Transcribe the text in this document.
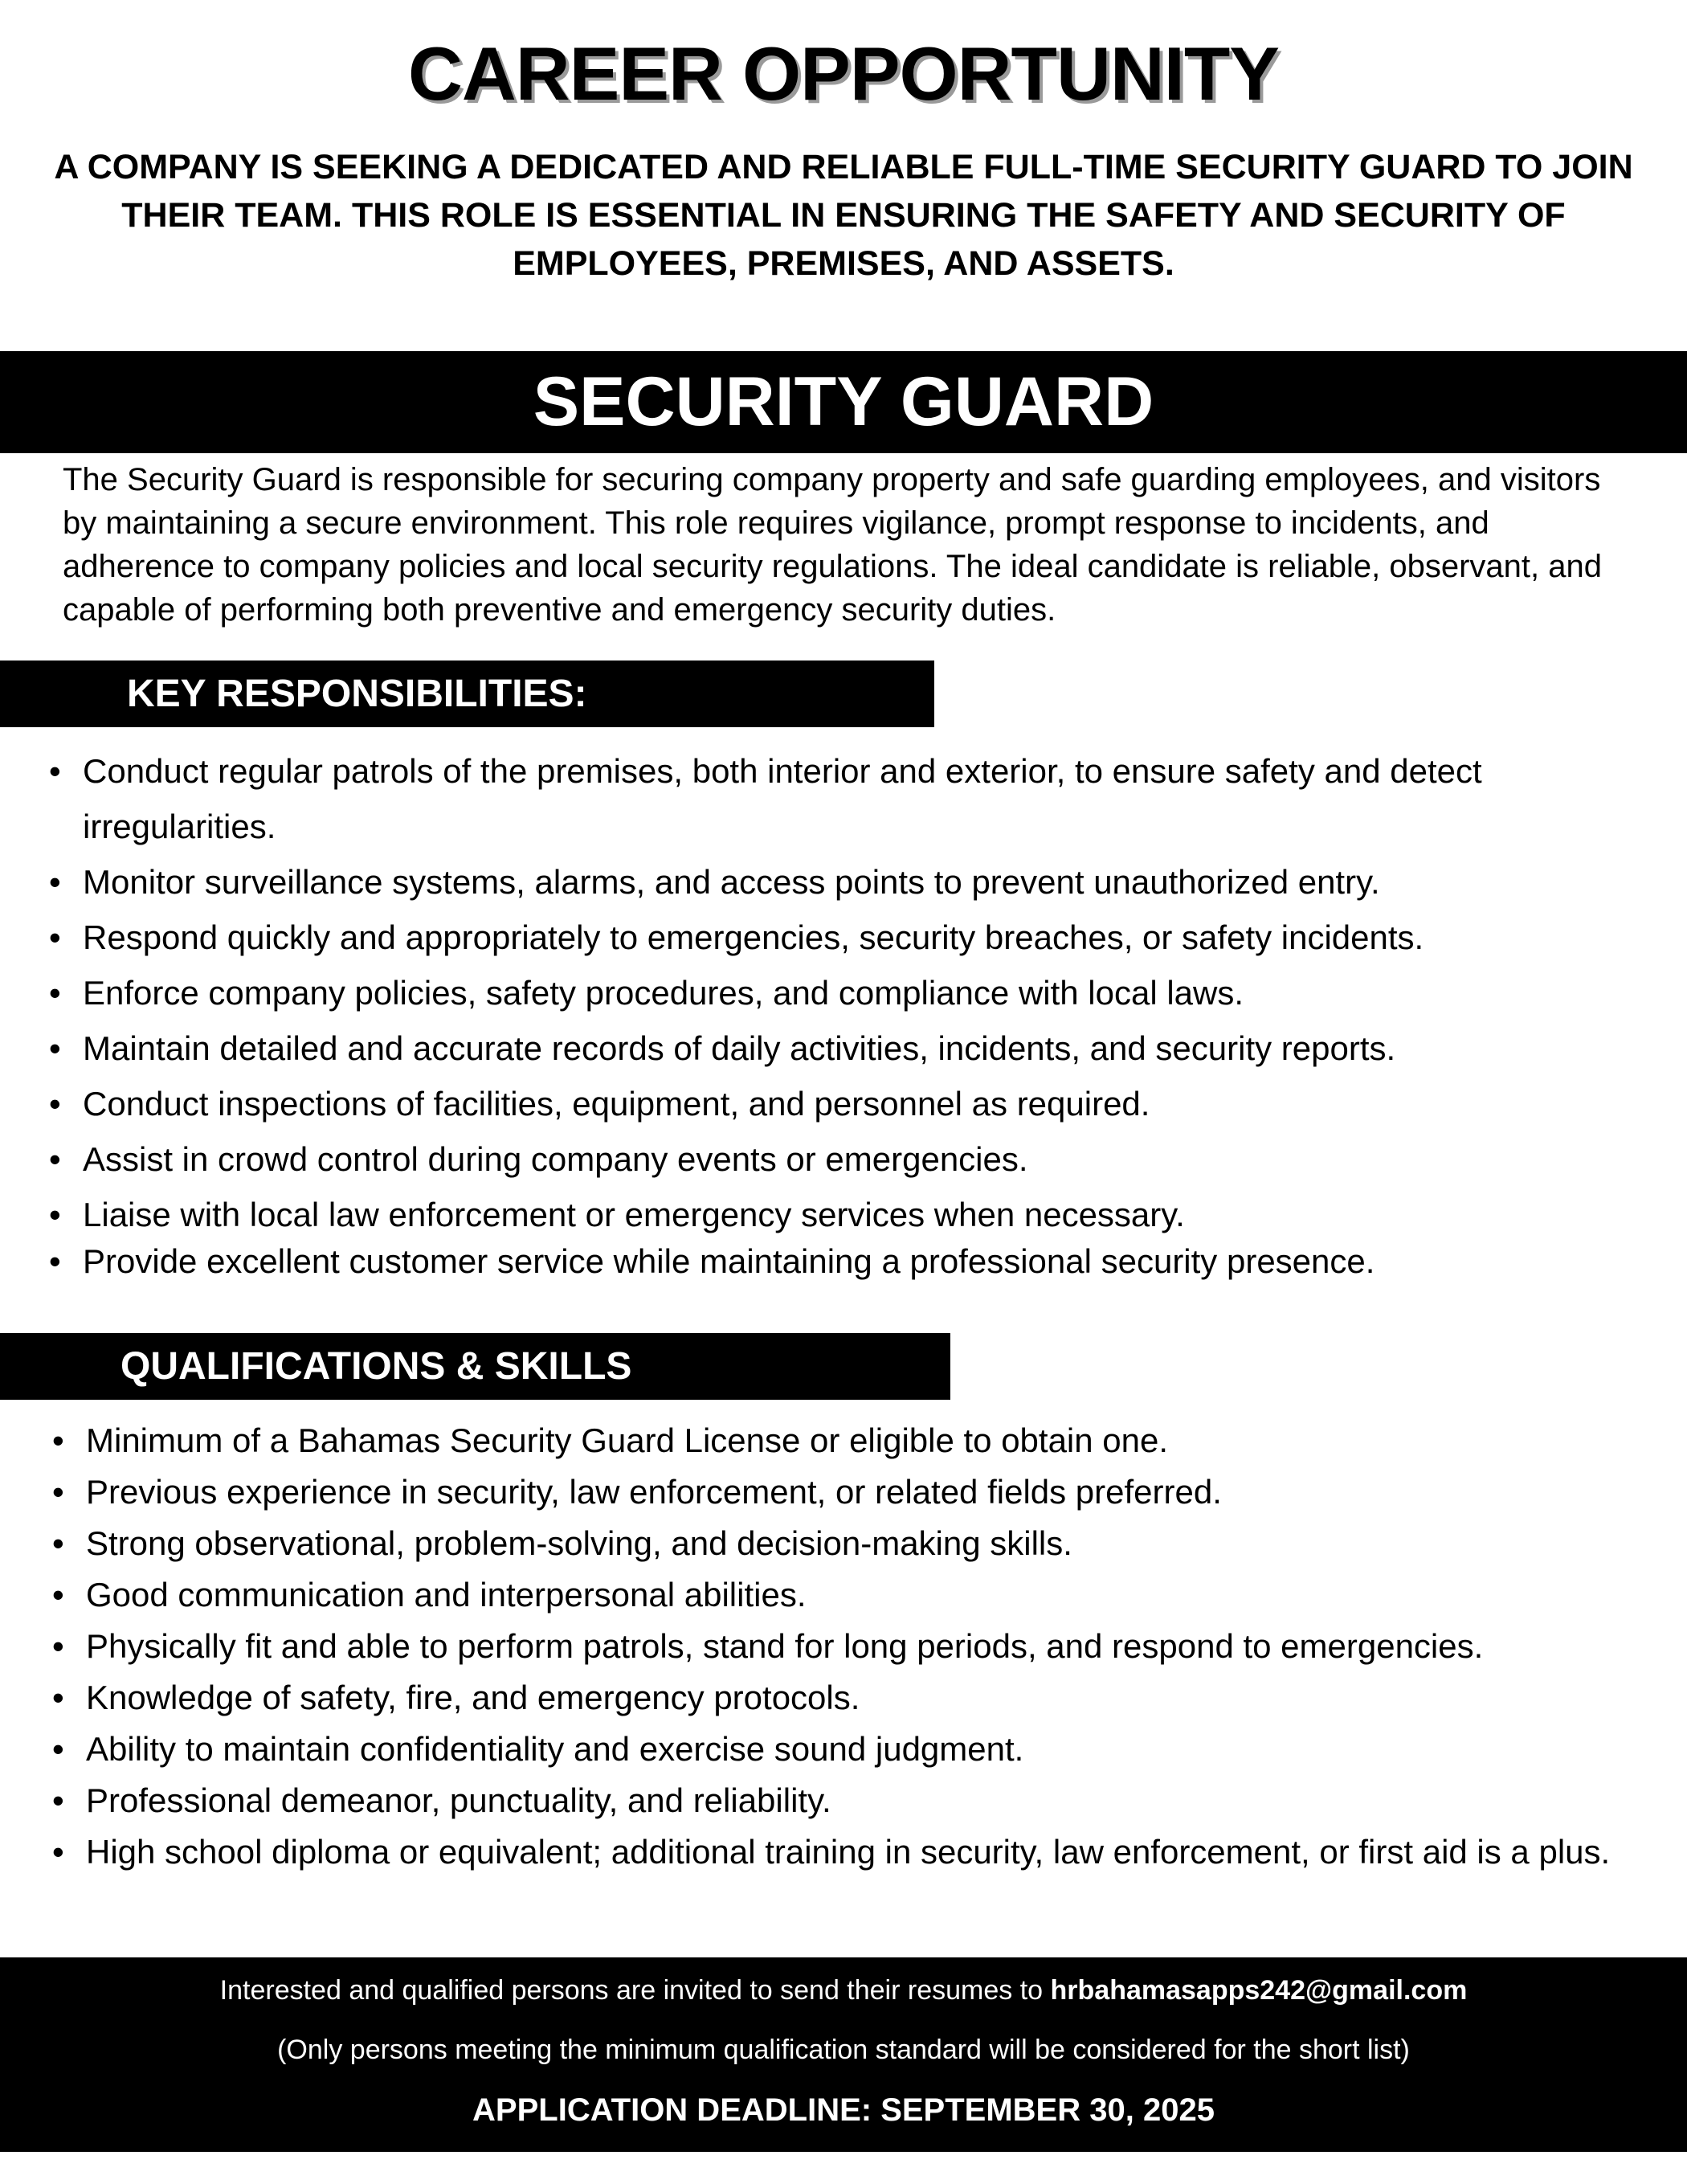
CAREER OPPORTUNITY
A COMPANY IS SEEKING A DEDICATED AND RELIABLE FULL-TIME SECURITY GUARD TO JOIN THEIR TEAM. THIS ROLE IS ESSENTIAL IN ENSURING THE SAFETY AND SECURITY OF EMPLOYEES, PREMISES, AND ASSETS.
SECURITY GUARD
The Security Guard is responsible for securing company property and safe guarding employees, and visitors by maintaining a secure environment. This role requires vigilance, prompt response to incidents, and adherence to company policies and local security regulations. The ideal candidate is reliable, observant, and capable of performing both preventive and emergency security duties.
KEY RESPONSIBILITIES:
• Conduct regular patrols of the premises, both interior and exterior, to ensure safety and detect irregularities.
• Monitor surveillance systems, alarms, and access points to prevent unauthorized entry.
• Respond quickly and appropriately to emergencies, security breaches, or safety incidents.
• Enforce company policies, safety procedures, and compliance with local laws.
• Maintain detailed and accurate records of daily activities, incidents, and security reports.
• Conduct inspections of facilities, equipment, and personnel as required.
• Assist in crowd control during company events or emergencies.
• Liaise with local law enforcement or emergency services when necessary.
• Provide excellent customer service while maintaining a professional security presence.
QUALIFICATIONS & SKILLS
• Minimum of a Bahamas Security Guard License or eligible to obtain one.
• Previous experience in security, law enforcement, or related fields preferred.
• Strong observational, problem-solving, and decision-making skills.
• Good communication and interpersonal abilities.
• Physically fit and able to perform patrols, stand for long periods, and respond to emergencies.
• Knowledge of safety, fire, and emergency protocols.
• Ability to maintain confidentiality and exercise sound judgment.
• Professional demeanor, punctuality, and reliability.
• High school diploma or equivalent; additional training in security, law enforcement, or first aid is a plus.
Interested and qualified persons are invited to send their resumes to hrbahamasapps242@gmail.com
(Only persons meeting the minimum qualification standard will be considered for the short list)
APPLICATION DEADLINE: SEPTEMBER 30, 2025
